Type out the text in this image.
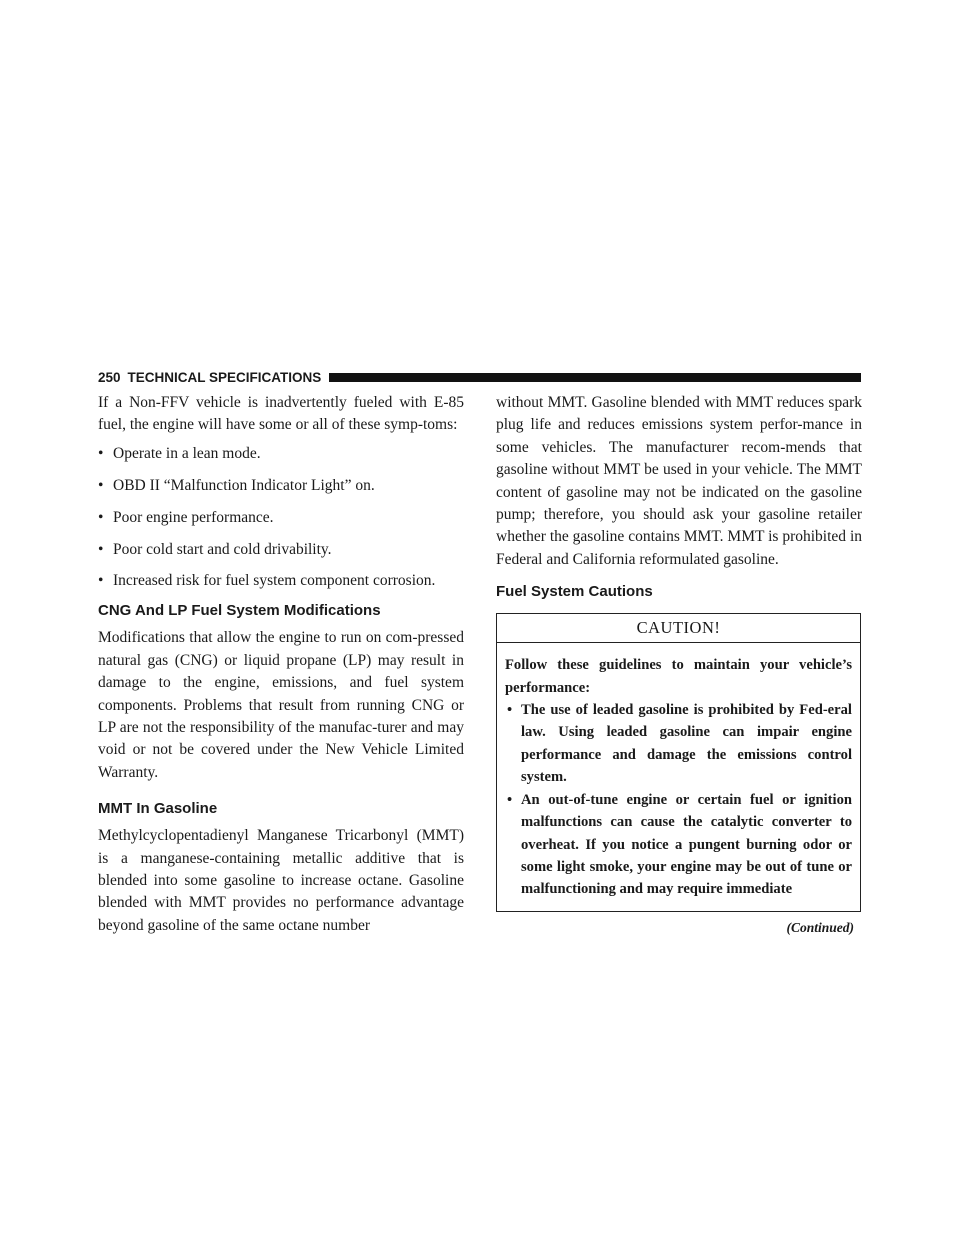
250 TECHNICAL SPECIFICATIONS

If a Non-FFV vehicle is inadvertently fueled with E-85 fuel, the engine will have some or all of these symp-toms:

• Operate in a lean mode.
• OBD II “Malfunction Indicator Light” on.
• Poor engine performance.
• Poor cold start and cold drivability.
• Increased risk for fuel system component corrosion.
CNG And LP Fuel System Modifications

Modifications that allow the engine to run on com-pressed natural gas (CNG) or liquid propane (LP) may result in damage to the engine, emissions, and fuel system components. Problems that result from running CNG or LP are not the responsibility of the manufac-turer and may void or not be covered under the New Vehicle Limited Warranty.

MMT In Gasoline

Methylcyclopentadienyl Manganese Tricarbonyl (MMT) is a manganese-containing metallic additive that is blended into some gasoline to increase octane. Gasoline blended with MMT provides no performance advantage beyond gasoline of the same octane number

without MMT. Gasoline blended with MMT reduces spark plug life and reduces emissions system perfor-mance in some vehicles. The manufacturer recom-mends that gasoline without MMT be used in your vehicle. The MMT content of gasoline may not be indicated on the gasoline pump; therefore, you should ask your gasoline retailer whether the gasoline contains MMT. MMT is prohibited in Federal and California reformulated gasoline.

Fuel System Cautions
CAUTION!

Follow these guidelines to maintain your vehicle’s performance:

• The use of leaded gasoline is prohibited by Fed-eral law. Using leaded gasoline can impair engine performance and damage the emissions control system.
• An out-of-tune engine or certain fuel or ignition malfunctions can cause the catalytic converter to overheat. If you notice a pungent burning odor or some light smoke, your engine may be out of tune or malfunctioning and may require immediate
(Continued)
